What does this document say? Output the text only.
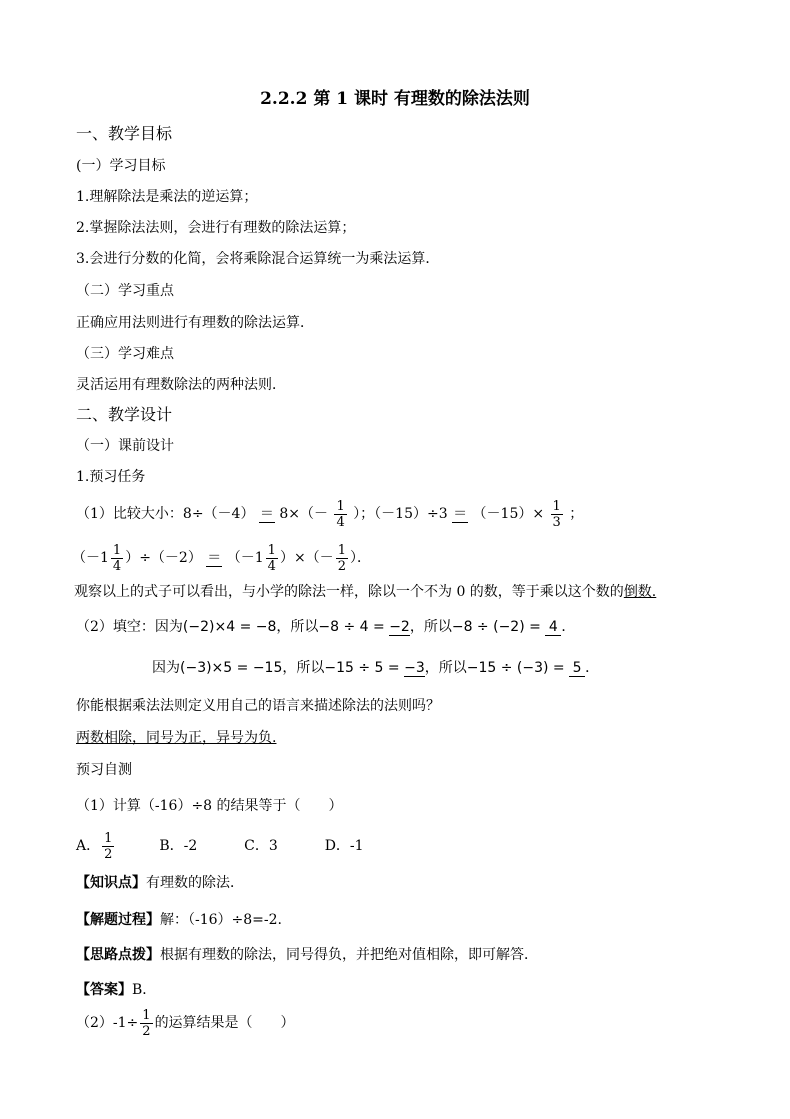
2.2.2 第 1 课时 有理数的除法法则
一、教学目标
(一）学习目标
1.理解除法是乘法的逆运算；
2.掌握除法法则，会进行有理数的除法运算；
3.会进行分数的化简，会将乘除混合运算统一为乘法运算．
（二）学习重点
正确应用法则进行有理数的除法运算．
（三）学习难点
灵活运用有理数除法的两种法则．
二、教学设计
（一）课前设计
1.预习任务
（1）比较大小：$8\div(-4) = 8\times(- \frac{1}{4}$ ）；$(-15)\div 3 = (-15)\times \frac{1}{3}$ ；
$(-1 \frac{1}{4} )\div(-2) = (-1 \frac{1}{4}$ ）×（－ $\frac{1}{2}$ ）．
观察以上的式子可以看出，与小学的除法一样，除以一个不为 0 的数，等于乘以这个数的倒数.
（2）填空：因为(−2)×4 = −8，所以−8 ÷ 4 = −2，所以−8 ÷ (−2) = 4 ．
因为(−3)×5 = −15，所以−15 ÷ 5 = −3，所以−15 ÷ (−3) = 5 ．
你能根据乘法法则定义用自己的语言来描述除法的法则吗？
两数相除，同号为正，异号为负.
预习自测
（1）计算（-16）÷8 的结果等于（　　）
A． $\frac{1}{2}$	B．-2	C．3	D．-1
【知识点】有理数的除法．
【解题过程】解：（-16）÷8=-2.
【思路点拨】根据有理数的除法，同号得负，并把绝对值相除，即可解答．
【答案】B．
$(2)-1\div \frac{1}{2}$ 的运算结果是（　　）
